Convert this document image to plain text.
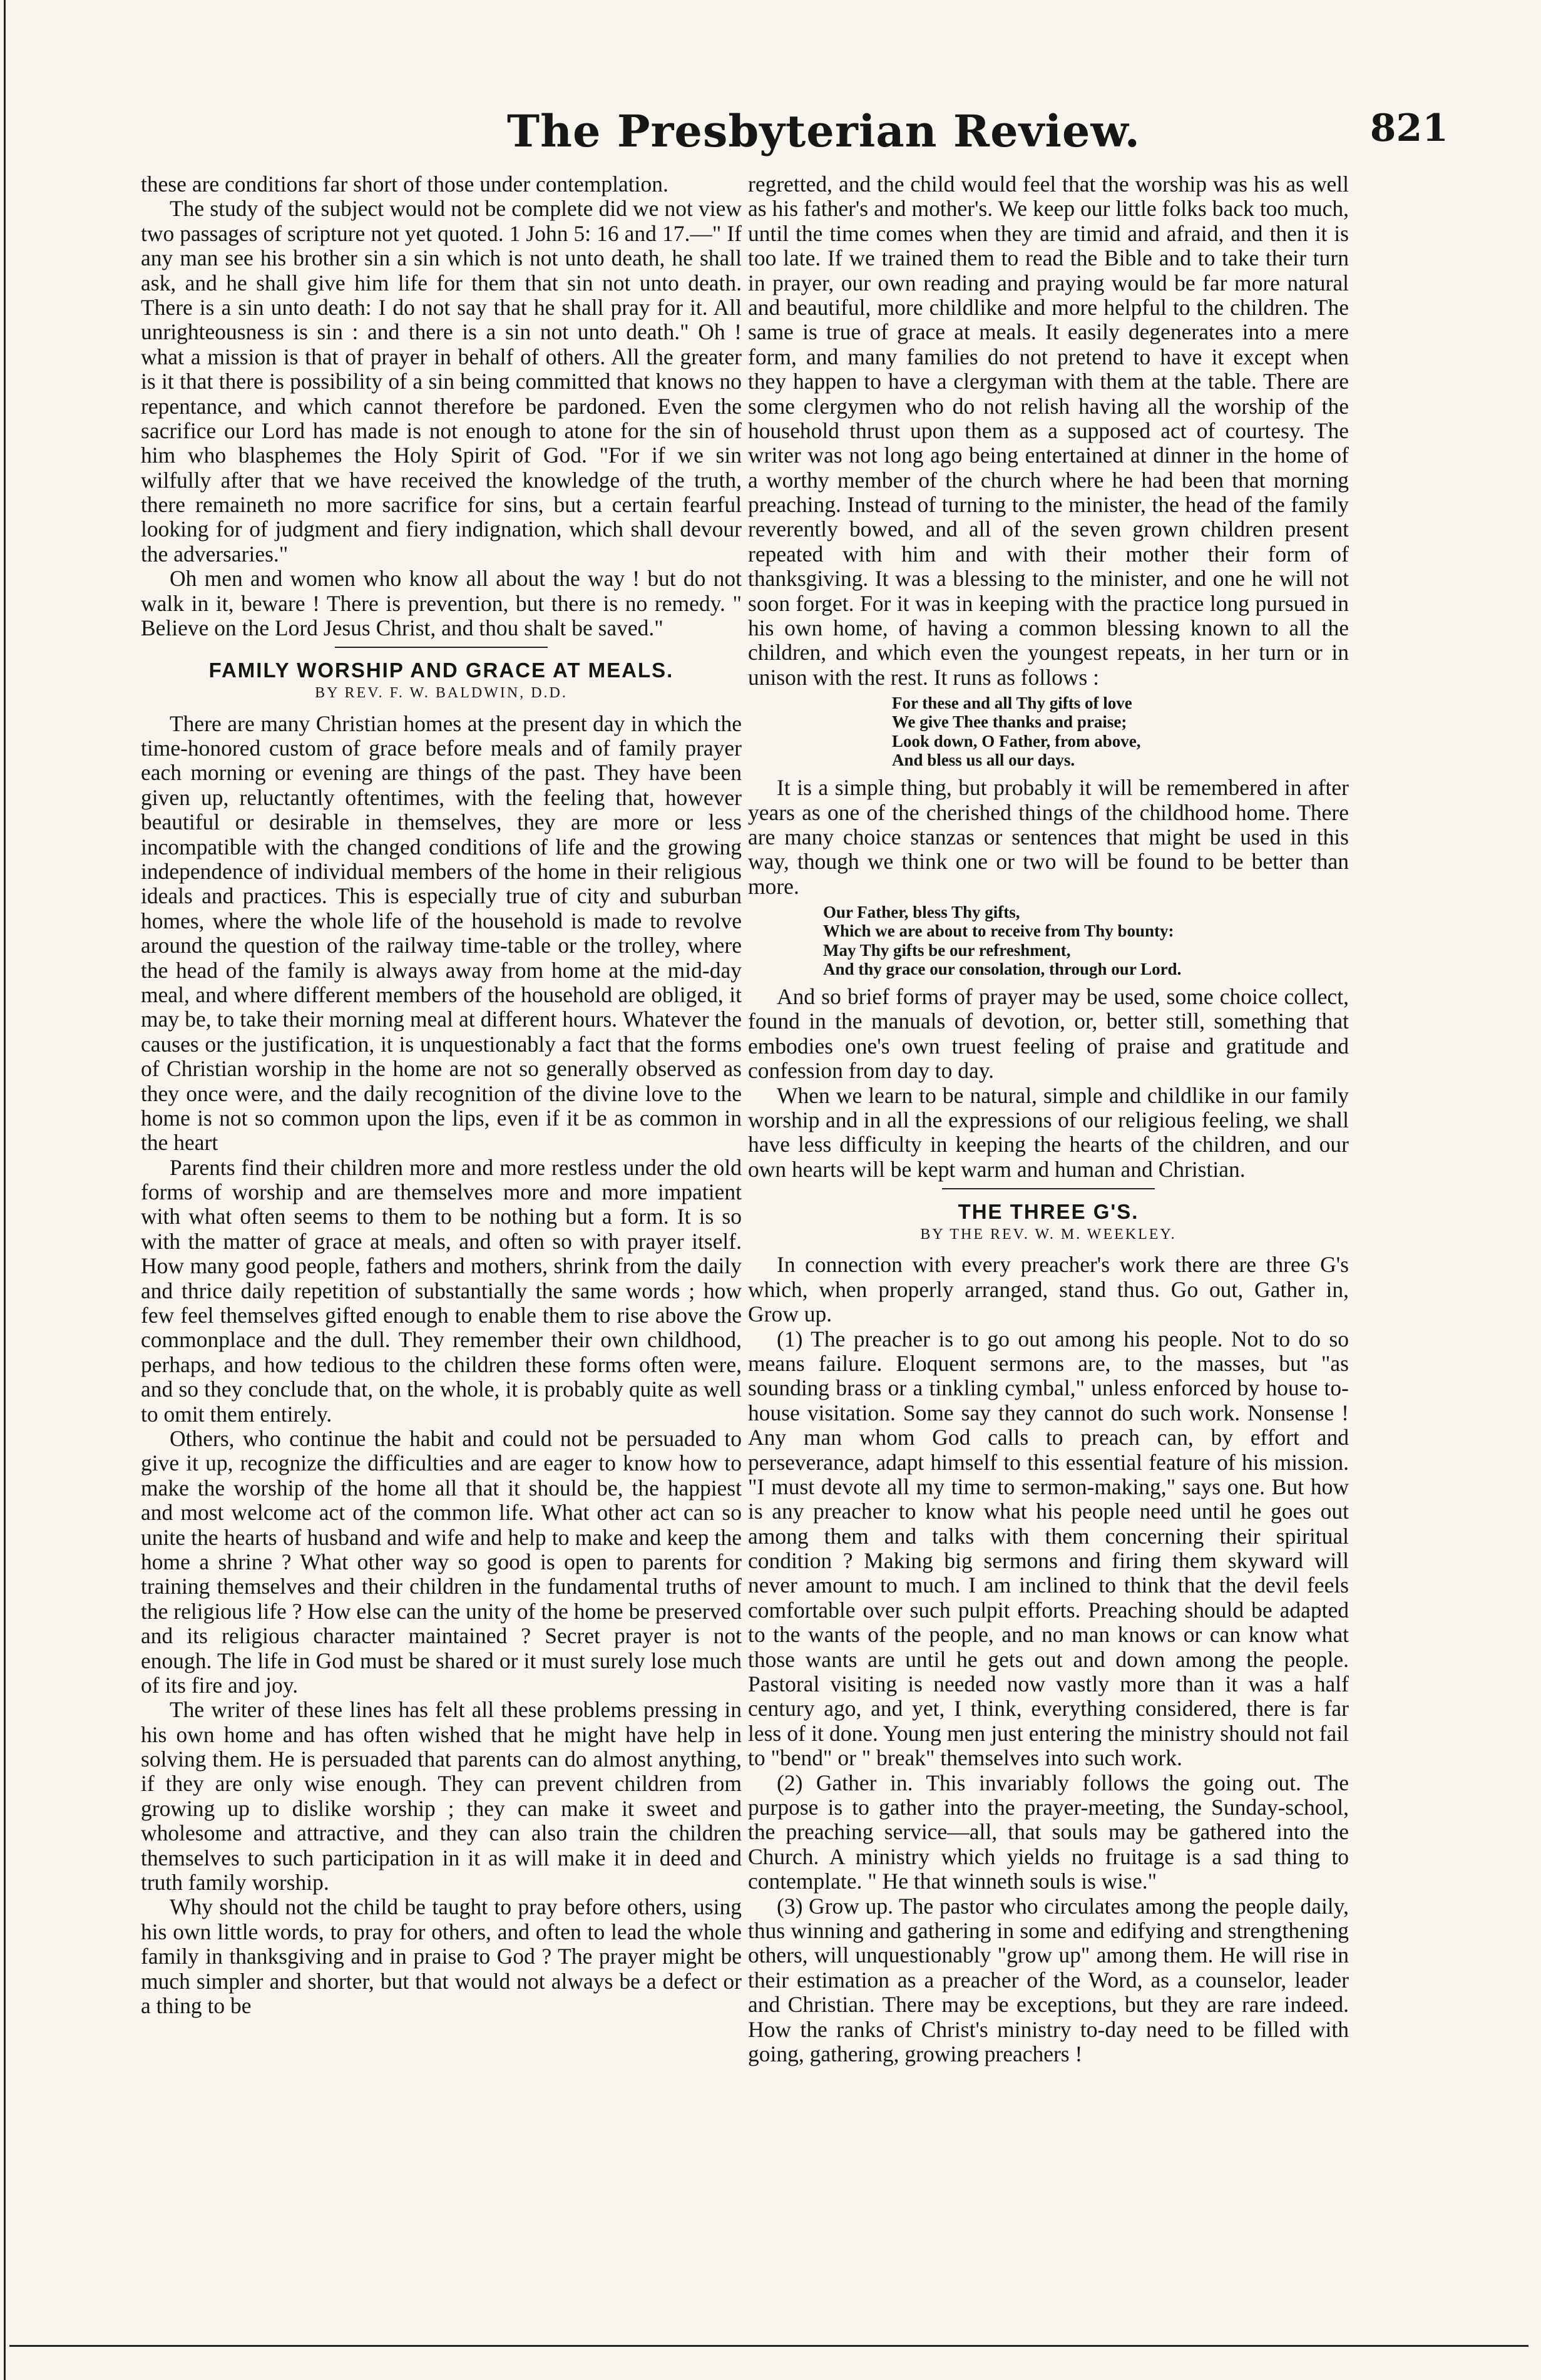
The Presbyterian Review.	821

these are conditions far short of those under contemplation.

The study of the subject would not be complete did we not view two passages of scripture not yet quoted. 1 John 5: 16 and 17.—" If any man see his brother sin a sin which is not unto death, he shall ask, and he shall give him life for them that sin not unto death. There is a sin unto death: I do not say that he shall pray for it. All unrighteousness is sin : and there is a sin not unto death." Oh ! what a mission is that of prayer in behalf of others. All the greater is it that there is possibility of a sin being committed that knows no repentance, and which cannot therefore be pardoned. Even the sacrifice our Lord has made is not enough to atone for the sin of him who blasphemes the Holy Spirit of God. "For if we sin wilfully after that we have received the knowledge of the truth, there remaineth no more sacrifice for sins, but a certain fearful looking for of judgment and fiery indignation, which shall devour the adversaries."

Oh men and women who know all about the way ! but do not walk in it, beware ! There is prevention, but there is no remedy. " Believe on the Lord Jesus Christ, and thou shalt be saved."

FAMILY WORSHIP AND GRACE AT MEALS.
BY REV. F. W. BALDWIN, D.D.

There are many Christian homes at the present day in which the time-honored custom of grace before meals and of family prayer each morning or evening are things of the past. They have been given up, reluctantly oftentimes, with the feeling that, however beautiful or desirable in themselves, they are more or less incompatible with the changed conditions of life and the growing independence of individual members of the home in their religious ideals and practices. This is especially true of city and suburban homes, where the whole life of the household is made to revolve around the question of the railway time-table or the trolley, where the head of the family is always away from home at the mid-day meal, and where different members of the household are obliged, it may be, to take their morning meal at different hours. Whatever the causes or the justification, it is unquestionably a fact that the forms of Christian worship in the home are not so generally observed as they once were, and the daily recognition of the divine love to the home is not so common upon the lips, even if it be as common in the heart

Parents find their children more and more restless under the old forms of worship and are themselves more and more impatient with what often seems to them to be nothing but a form. It is so with the matter of grace at meals, and often so with prayer itself. How many good people, fathers and mothers, shrink from the daily and thrice daily repetition of substantially the same words ; how few feel themselves gifted enough to enable them to rise above the commonplace and the dull. They remember their own childhood, perhaps, and how tedious to the children these forms often were, and so they conclude that, on the whole, it is probably quite as well to omit them entirely.

Others, who continue the habit and could not be persuaded to give it up, recognize the difficulties and are eager to know how to make the worship of the home all that it should be, the happiest and most welcome act of the common life. What other act can so unite the hearts of husband and wife and help to make and keep the home a shrine ? What other way so good is open to parents for training themselves and their children in the fundamental truths of the religious life ? How else can the unity of the home be preserved and its religious character maintained ? Secret prayer is not enough. The life in God must be shared or it must surely lose much of its fire and joy.

The writer of these lines has felt all these problems pressing in his own home and has often wished that he might have help in solving them. He is persuaded that parents can do almost anything, if they are only wise enough. They can prevent children from growing up to dislike worship ; they can make it sweet and wholesome and attractive, and they can also train the children themselves to such participation in it as will make it in deed and truth family worship.

Why should not the child be taught to pray before others, using his own little words, to pray for others, and often to lead the whole family in thanksgiving and in praise to God ? The prayer might be much simpler and shorter, but that would not always be a defect or a thing to be

regretted, and the child would feel that the worship was his as well as his father's and mother's. We keep our little folks back too much, until the time comes when they are timid and afraid, and then it is too late. If we trained them to read the Bible and to take their turn in prayer, our own reading and praying would be far more natural and beautiful, more childlike and more helpful to the children. The same is true of grace at meals. It easily degenerates into a mere form, and many families do not pretend to have it except when they happen to have a clergyman with them at the table. There are some clergymen who do not relish having all the worship of the household thrust upon them as a supposed act of courtesy. The writer was not long ago being entertained at dinner in the home of a worthy member of the church where he had been that morning preaching. Instead of turning to the minister, the head of the family reverently bowed, and all of the seven grown children present repeated with him and with their mother their form of thanksgiving. It was a blessing to the minister, and one he will not soon forget. For it was in keeping with the practice long pursued in his own home, of having a common blessing known to all the children, and which even the youngest repeats, in her turn or in unison with the rest. It runs as follows :

For these and all Thy gifts of love
We give Thee thanks and praise;
Look down, O Father, from above,
And bless us all our days.

It is a simple thing, but probably it will be remembered in after years as one of the cherished things of the childhood home. There are many choice stanzas or sentences that might be used in this way, though we think one or two will be found to be better than more.

Our Father, bless Thy gifts,
Which we are about to receive from Thy bounty:
May Thy gifts be our refreshment,
And thy grace our consolation, through our Lord.

And so brief forms of prayer may be used, some choice collect, found in the manuals of devotion, or, better still, something that embodies one's own truest feeling of praise and gratitude and confession from day to day.

When we learn to be natural, simple and childlike in our family worship and in all the expressions of our religious feeling, we shall have less difficulty in keeping the hearts of the children, and our own hearts will be kept warm and human and Christian.

THE THREE G'S.
BY THE REV. W. M. WEEKLEY.

In connection with every preacher's work there are three G's which, when properly arranged, stand thus. Go out, Gather in, Grow up.

(1) The preacher is to go out among his people. Not to do so means failure. Eloquent sermons are, to the masses, but "as sounding brass or a tinkling cymbal," unless enforced by house to-house visitation. Some say they cannot do such work. Nonsense ! Any man whom God calls to preach can, by effort and perseverance, adapt himself to this essential feature of his mission. "I must devote all my time to sermon-making," says one. But how is any preacher to know what his people need until he goes out among them and talks with them concerning their spiritual condition ? Making big sermons and firing them skyward will never amount to much. I am inclined to think that the devil feels comfortable over such pulpit efforts. Preaching should be adapted to the wants of the people, and no man knows or can know what those wants are until he gets out and down among the people. Pastoral visiting is needed now vastly more than it was a half century ago, and yet, I think, everything considered, there is far less of it done. Young men just entering the ministry should not fail to "bend" or " break" themselves into such work.

(2) Gather in. This invariably follows the going out. The purpose is to gather into the prayer-meeting, the Sunday-school, the preaching service—all, that souls may be gathered into the Church. A ministry which yields no fruitage is a sad thing to contemplate. " He that winneth souls is wise."

(3) Grow up. The pastor who circulates among the people daily, thus winning and gathering in some and edifying and strengthening others, will unquestionably "grow up" among them. He will rise in their estimation as a preacher of the Word, as a counselor, leader and Christian. There may be exceptions, but they are rare indeed. How the ranks of Christ's ministry to-day need to be filled with going, gathering, growing preachers !
